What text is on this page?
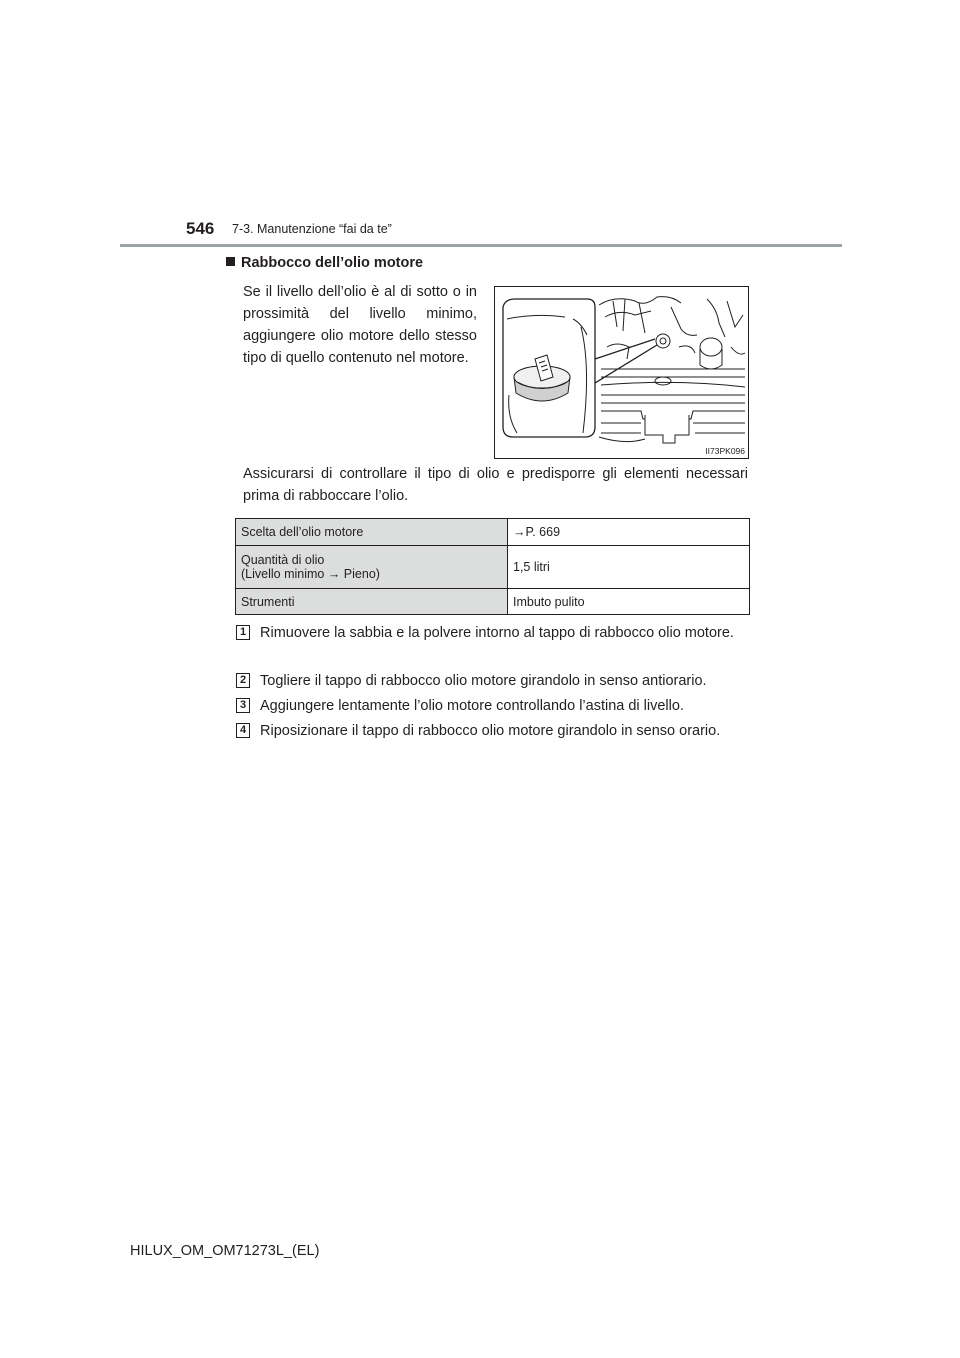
546 7-3. Manutenzione “fai da te”
Rabbocco dell’olio motore
Se il livello dell’olio è al di sotto o in prossimità del livello minimo, aggiungere olio motore dello stesso tipo di quello contenuto nel motore.
II73PK096
Assicurarsi di controllare il tipo di olio e predisporre gli elementi necessari prima di rabboccare l’olio.
Scelta dell’olio motore	→P. 669
Quantità di olio
(Livello minimo → Pieno)	1,5 litri
Strumenti	Imbuto pulito
1 Rimuovere la sabbia e la polvere intorno al tappo di rabbocco olio motore.
2 Togliere il tappo di rabbocco olio motore girandolo in senso antiorario.
3 Aggiungere lentamente l’olio motore controllando l’astina di livello.
4 Riposizionare il tappo di rabbocco olio motore girandolo in senso orario.
HILUX_OM_OM71273L_(EL)
